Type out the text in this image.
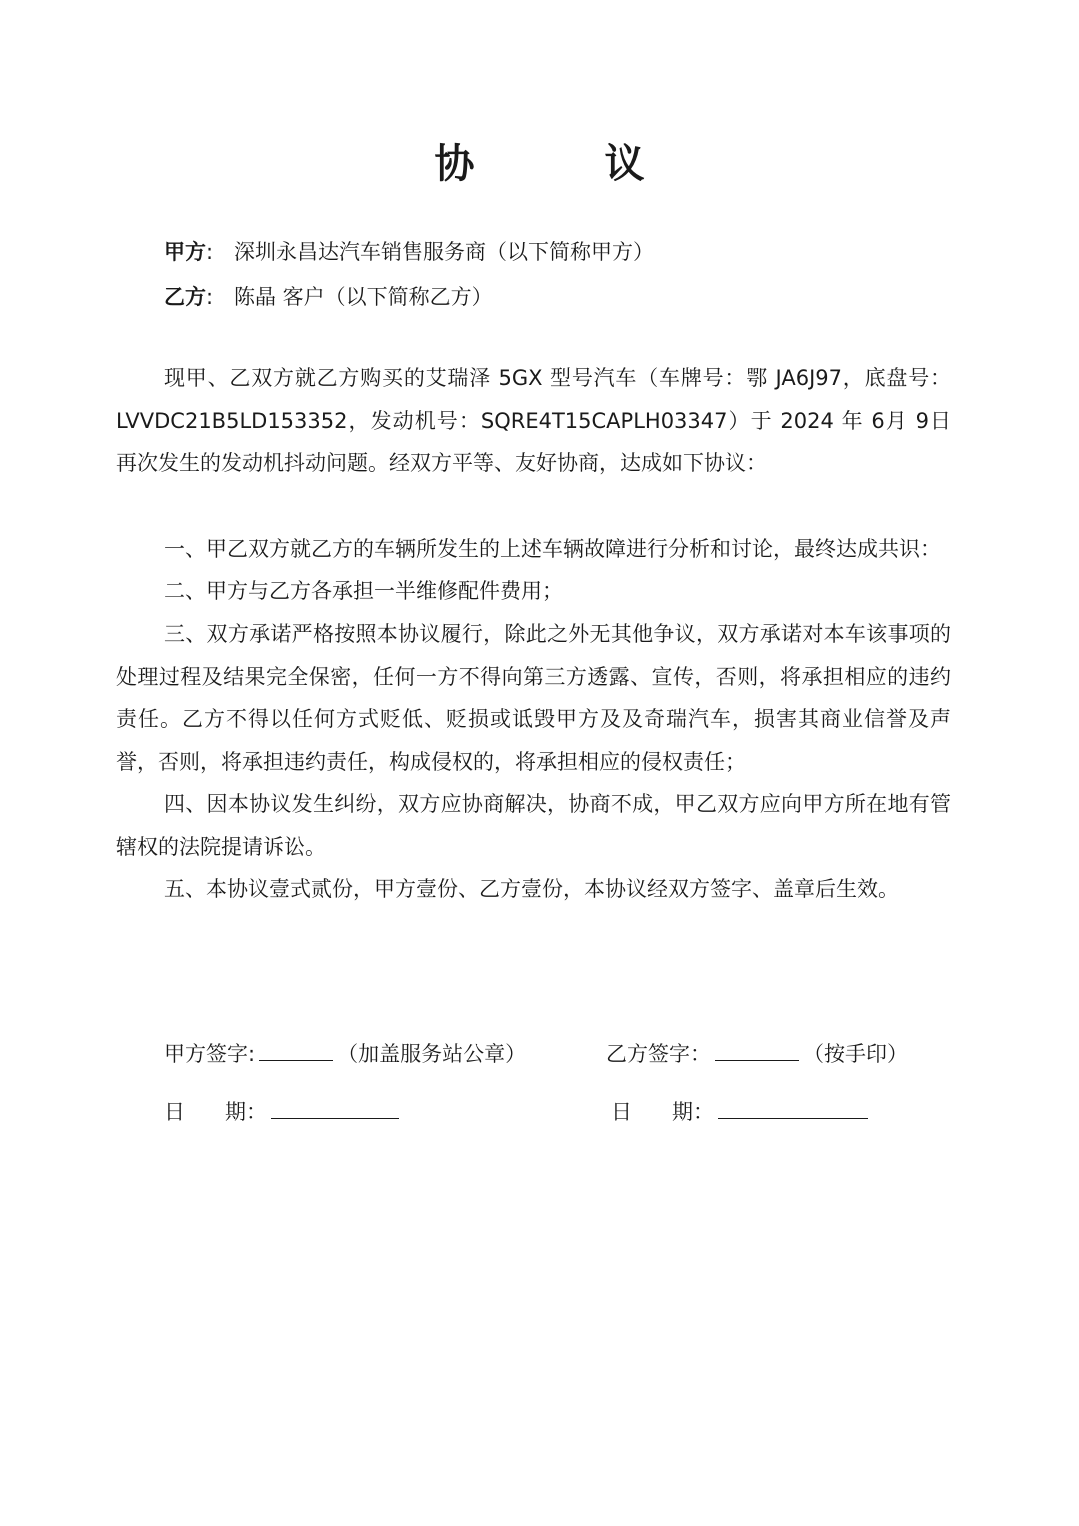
协 议
甲方: 深圳永昌达汽车销售服务商（以下简称甲方）
乙方: 陈晶 客户（以下简称乙方）

现甲、乙双方就乙方购买的艾瑞泽 5GX 型号汽车（车牌号：鄂 JA6J97，底盘号：LVVDC21B5LD153352，发动机号：SQRE4T15CAPLH03347）于 2024 年 6月 9日再次发生的发动机抖动问题。经双方平等、友好协商，达成如下协议：

一、甲乙双方就乙方的车辆所发生的上述车辆故障进行分析和讨论，最终达成共识：

二、甲方与乙方各承担一半维修配件费用；

三、双方承诺严格按照本协议履行，除此之外无其他争议，双方承诺对本车该事项的处理过程及结果完全保密，任何一方不得向第三方透露、宣传，否则，将承担相应的违约责任。乙方不得以任何方式贬低、贬损或诋毁甲方及及奇瑞汽车，损害其商业信誉及声誉，否则，将承担违约责任，构成侵权的，将承担相应的侵权责任；

四、因本协议发生纠纷，双方应协商解决，协商不成，甲乙双方应向甲方所在地有管辖权的法院提请诉讼。

五、本协议壹式贰份，甲方壹份、乙方壹份，本协议经双方签字、盖章后生效。

甲方签字:	（加盖服务站公章）	乙方签字：	（按手印）
日 期：	日 期：
